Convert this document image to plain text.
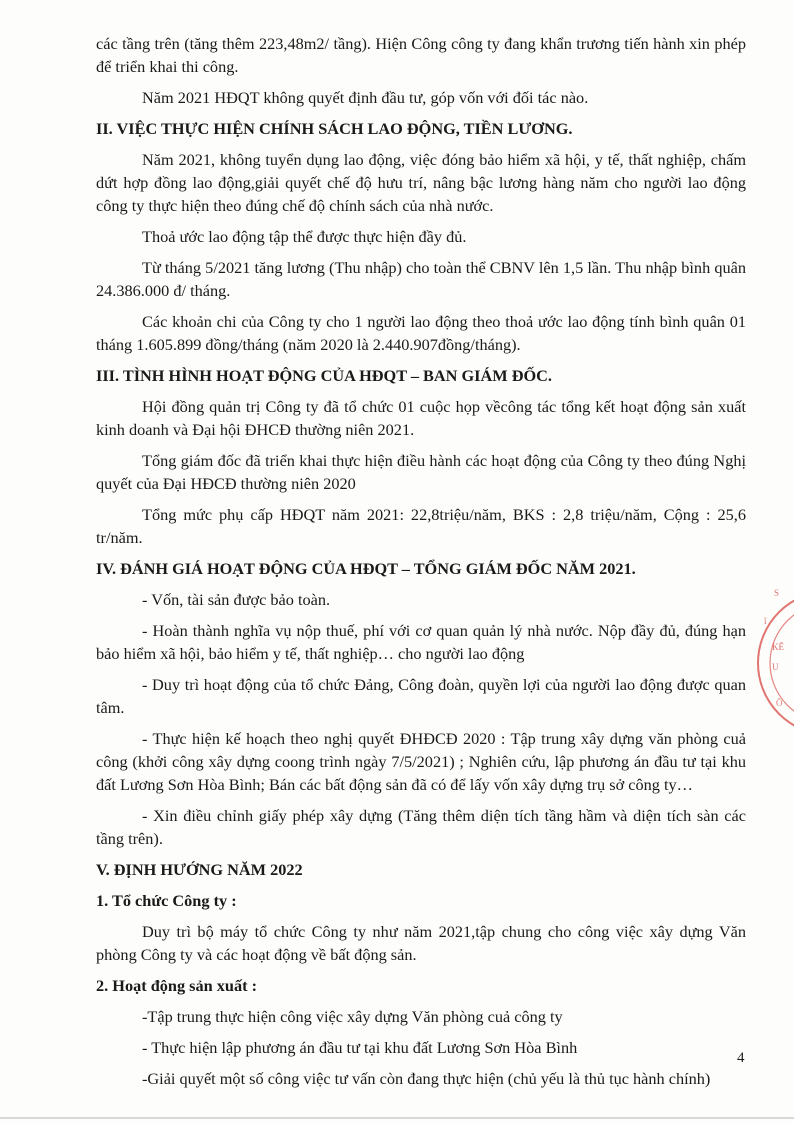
các tầng trên (tăng thêm 223,48m2/ tầng). Hiện Công công ty đang khẩn trương tiến hành xin phép để triển khai thi công.

Năm 2021 HĐQT không quyết định đầu tư, góp vốn với đối tác nào.

II. VIỆC THỰC HIỆN CHÍNH SÁCH LAO ĐỘNG, TIỀN LƯƠNG.

Năm 2021, không tuyển dụng lao động, việc đóng bảo hiểm xã hội, y tế, thất nghiệp, chấm dứt hợp đồng lao động,giải quyết chế độ hưu trí, nâng bậc lương hàng năm cho người lao động công ty thực hiện theo đúng chế độ chính sách của nhà nước.

Thoả ước lao động tập thể được thực hiện đầy đủ.

Từ tháng 5/2021 tăng lương (Thu nhập) cho toàn thể CBNV lên 1,5 lần. Thu nhập bình quân 24.386.000 đ/ tháng.

Các khoản chi của Công ty cho 1 người lao động theo thoả ước lao động tính bình quân 01 tháng 1.605.899 đồng/tháng (năm 2020 là 2.440.907đồng/tháng).

III. TÌNH HÌNH HOẠT ĐỘNG CỦA HĐQT – BAN GIÁM ĐỐC.

Hội đồng quản trị Công ty đã tổ chức 01 cuộc họp vềcông tác tổng kết hoạt động sản xuất kinh doanh và Đại hội ĐHCĐ thường niên 2021.

Tổng giám đốc đã triển khai thực hiện điều hành các hoạt động của Công ty theo đúng Nghị quyết của Đại HĐCĐ thường niên 2020

Tổng mức phụ cấp HĐQT năm 2021: 22,8triệu/năm, BKS : 2,8 triệu/năm, Cộng : 25,6 tr/năm.

IV. ĐÁNH GIÁ HOẠT ĐỘNG CỦA HĐQT – TỔNG GIÁM ĐỐC NĂM 2021.

- Vốn, tài sản được bảo toàn.

- Hoàn thành nghĩa vụ nộp thuế, phí với cơ quan quản lý nhà nước. Nộp đầy đủ, đúng hạn bảo hiểm xã hội, bảo hiểm y tế, thất nghiệp… cho người lao động

- Duy trì hoạt động của tổ chức Đảng, Công đoàn, quyền lợi của người lao động được quan tâm.

- Thực hiện kế hoạch theo nghị quyết ĐHĐCĐ 2020 : Tập trung xây dựng văn phòng cuả công (khởi công xây dựng coong trình ngày 7/5/2021) ; Nghiên cứu, lập phương án đầu tư tại khu đất Lương Sơn Hòa Bình; Bán các bất động sản đã có để lấy vốn xây dựng trụ sở công ty…

- Xin điều chỉnh giấy phép xây dựng (Tăng thêm diện tích tầng hầm và diện tích sàn các tầng trên).

V. ĐỊNH HƯỚNG NĂM 2022

1. Tổ chức Công ty :

Duy trì bộ máy tổ chức Công ty như năm 2021,tập chung cho công việc xây dựng Văn phòng Công ty và các hoạt động về bất động sản.

2. Hoạt động sản xuất :

-Tập trung thực hiện công việc xây dựng Văn phòng cuả công ty

- Thực hiện lập phương án đầu tư tại khu đất Lương Sơn Hòa Bình

-Giải quyết một số công việc tư vấn còn đang thực hiện (chủ yếu là thủ tục hành chính)

4
S
ĩ
KẾ
U
Ô
